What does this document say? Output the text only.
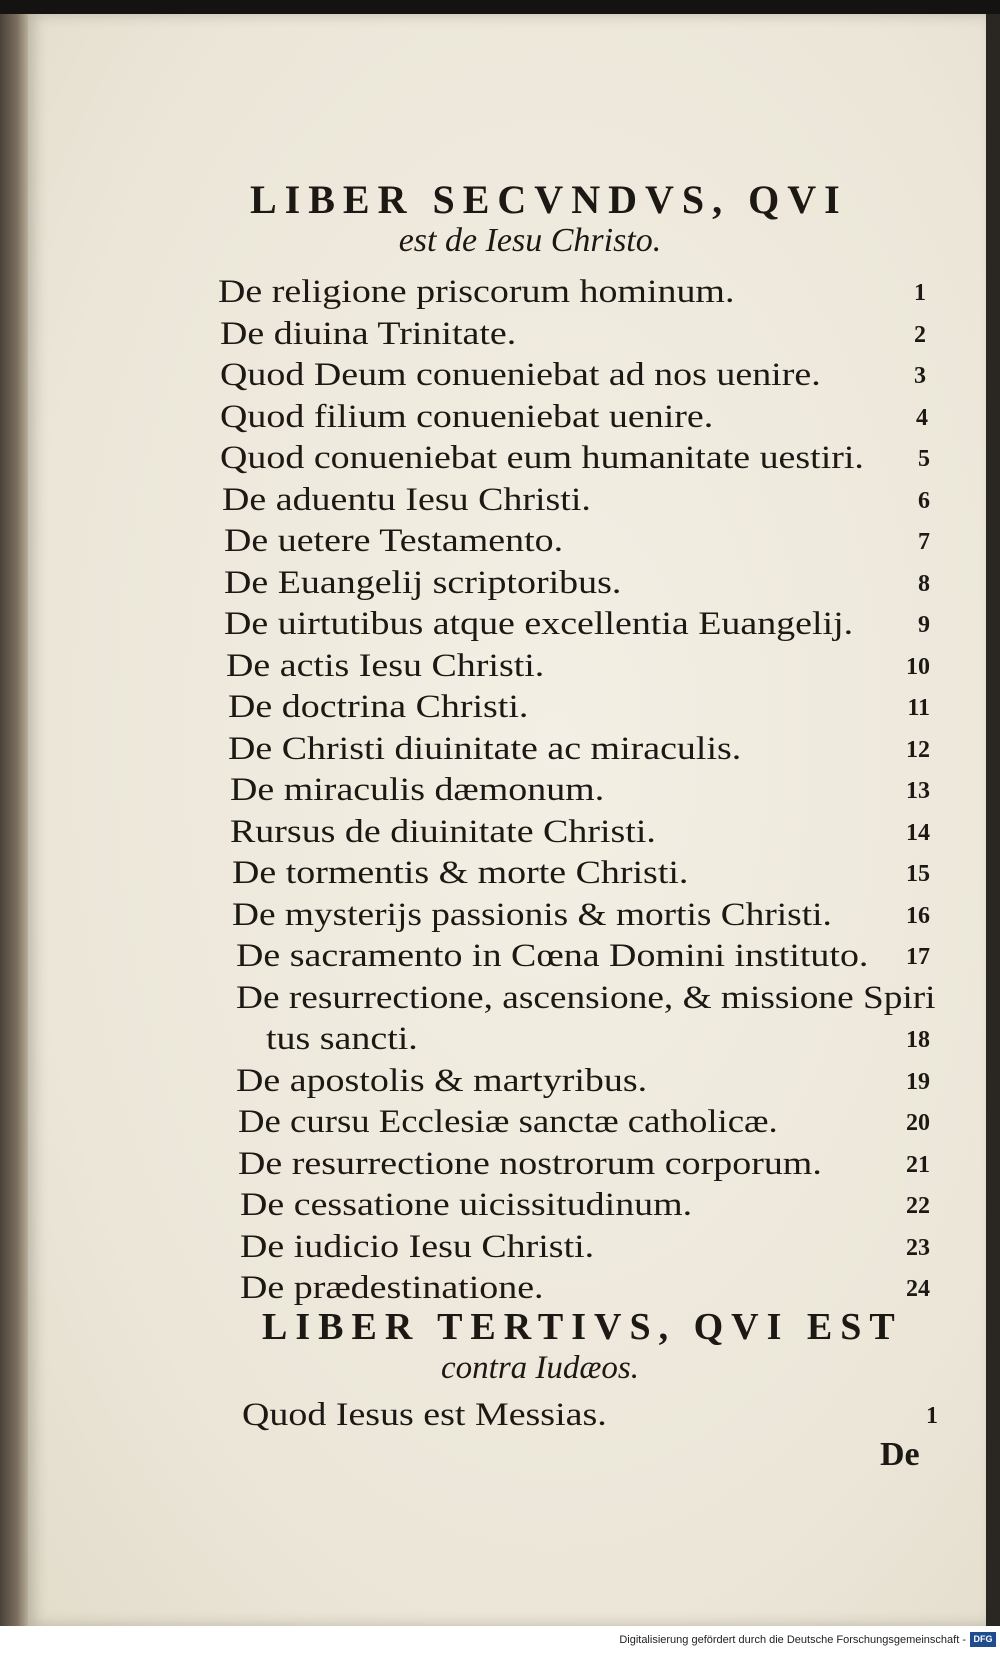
LIBER SECVNDVS, QVI
est de Iesu Christo.
De religione priscorum hominum.	1
De diuina Trinitate.	2
Quod Deum conueniebat ad nos uenire.	3
Quod filium conueniebat uenire.	4
Quod conueniebat eum humanitate uestiri.	5
De aduentu Iesu Christi.	6
De uetere Testamento.	7
De Euangelij scriptoribus.	8
De uirtutibus atque excellentia Euangelij.	9
De actis Iesu Christi.	10
De doctrina Christi.	11
De Christi diuinitate ac miraculis.	12
De miraculis dæmonum.	13
Rursus de diuinitate Christi.	14
De tormentis & morte Christi.	15
De mysterijs passionis & mortis Christi.	16
De sacramento in Cœna Domini instituto.	17
De resurrectione, ascensione, & missione Spiri
tus sancti.	18
De apostolis & martyribus.	19
De cursu Ecclesiæ sanctæ catholicæ.	20
De resurrectione nostrorum corporum.	21
De cessatione uicissitudinum.	22
De iudicio Iesu Christi.	23
De prædestinatione.	24
LIBER TERTIVS, QVI EST
contra Iudæos.
Quod Iesus est Messias.	1
De
Digitalisierung gefördert durch die Deutsche Forschungsgemeinschaft - DFG
